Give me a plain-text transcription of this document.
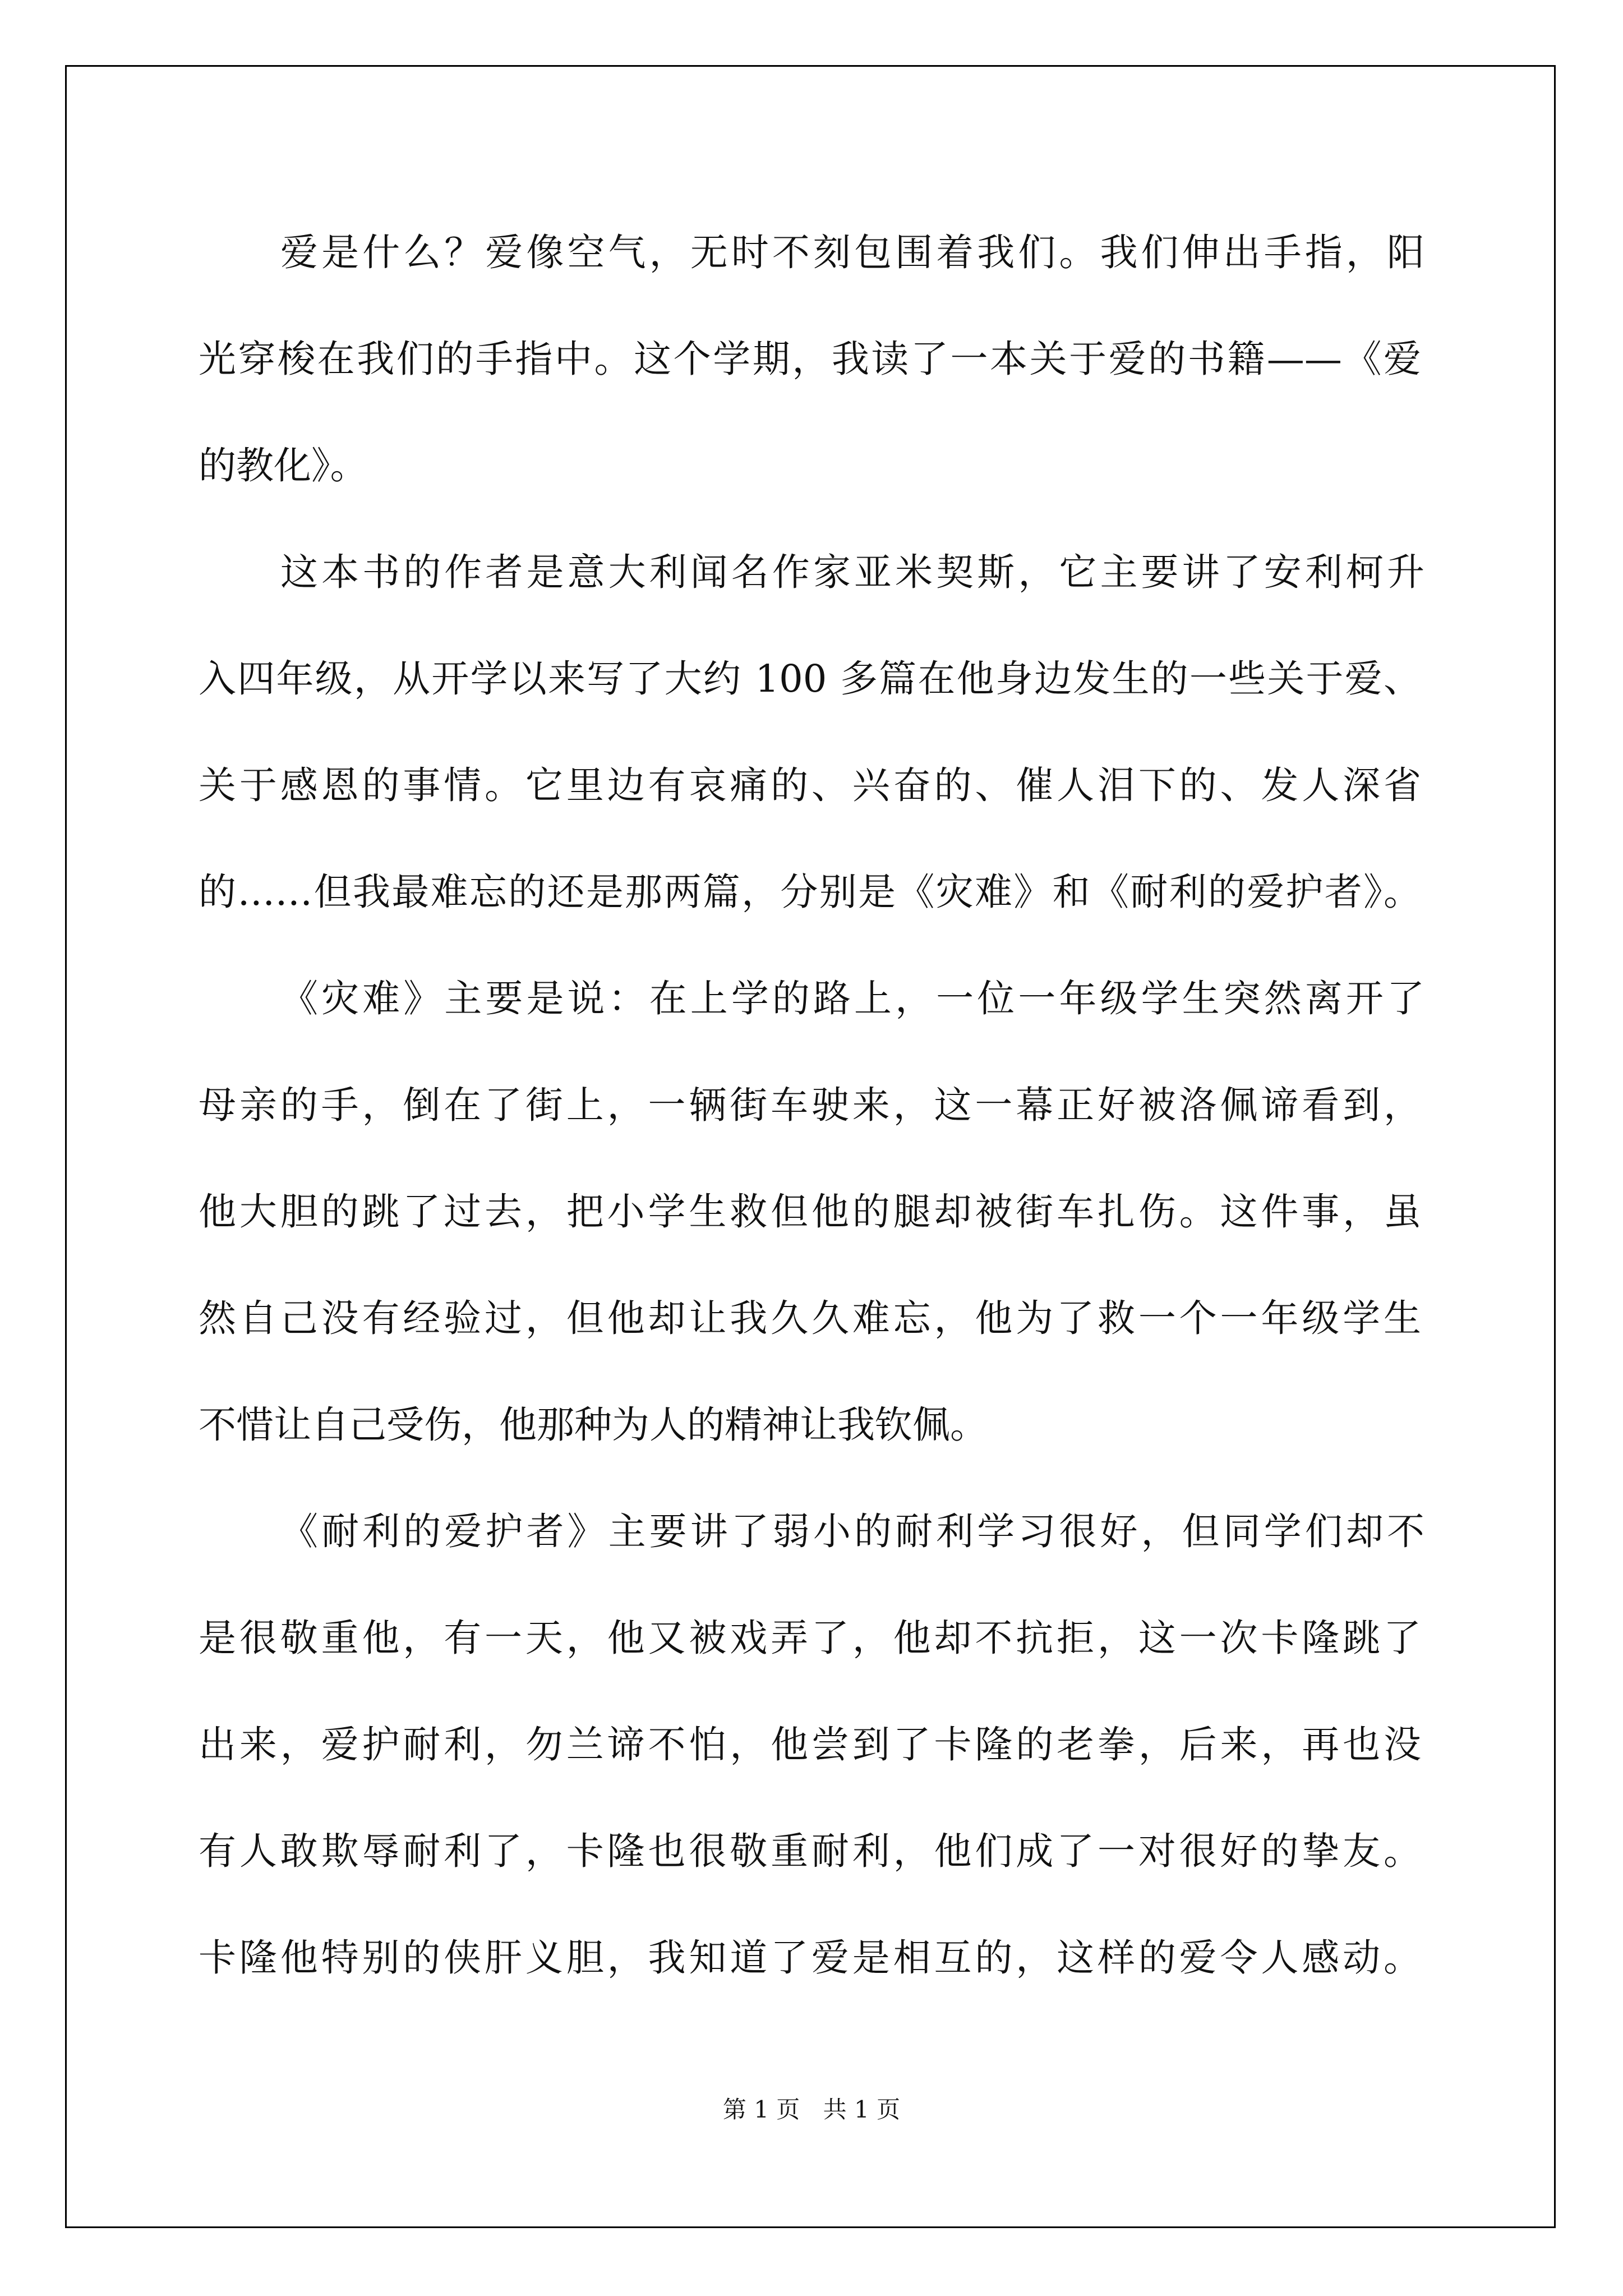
爱是什么？爱像空气，无时不刻包围着我们。我们伸出手指，阳

光穿梭在我们的手指中。这个学期，我读了一本关于爱的书籍——《爱

的教化》。

这本书的作者是意大利闻名作家亚米契斯，它主要讲了安利柯升

入四年级，从开学以来写了大约 100 多篇在他身边发生的一些关于爱、

关于感恩的事情。它里边有哀痛的、兴奋的、催人泪下的、发人深省

的……但我最难忘的还是那两篇，分别是《灾难》和《耐利的爱护者》。

《灾难》主要是说：在上学的路上，一位一年级学生突然离开了

母亲的手，倒在了街上，一辆街车驶来，这一幕正好被洛佩谛看到，

他大胆的跳了过去，把小学生救但他的腿却被街车扎伤。这件事，虽

然自己没有经验过，但他却让我久久难忘，他为了救一个一年级学生

不惜让自己受伤，他那种为人的精神让我钦佩。

《耐利的爱护者》主要讲了弱小的耐利学习很好，但同学们却不

是很敬重他，有一天，他又被戏弄了，他却不抗拒，这一次卡隆跳了

出来，爱护耐利，勿兰谛不怕，他尝到了卡隆的老拳，后来，再也没

有人敢欺辱耐利了，卡隆也很敬重耐利，他们成了一对很好的挚友。

卡隆他特别的侠肝义胆，我知道了爱是相互的，这样的爱令人感动。

第 1 页 共 1 页
